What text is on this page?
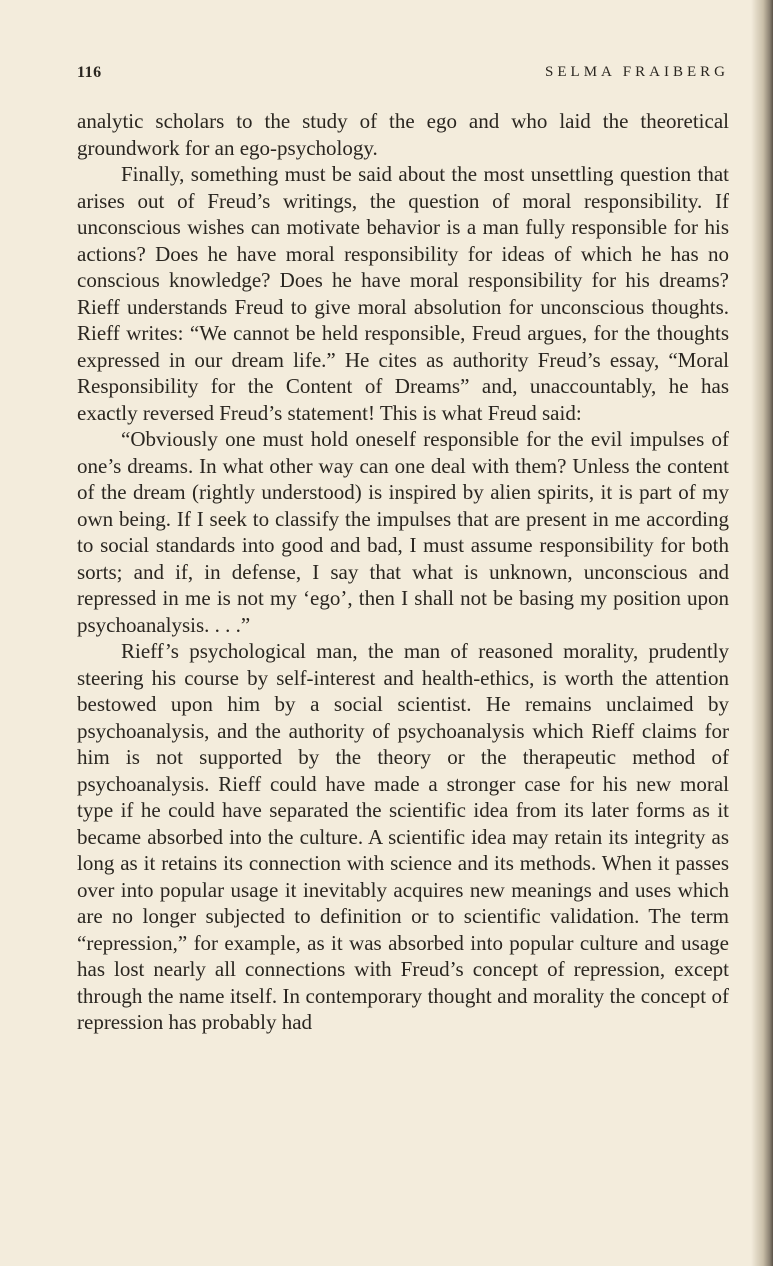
116	SELMA FRAIBERG

analytic scholars to the study of the ego and who laid the theoretical groundwork for an ego-psychology.

Finally, something must be said about the most unsettling question that arises out of Freud’s writings, the question of moral responsibility. If unconscious wishes can motivate behavior is a man fully responsible for his actions? Does he have moral responsibility for ideas of which he has no conscious knowledge? Does he have moral responsibility for his dreams? Rieff understands Freud to give moral absolution for unconscious thoughts. Rieff writes: “We cannot be held responsible, Freud argues, for the thoughts expressed in our dream life.” He cites as authority Freud’s essay, “Moral Responsibility for the Content of Dreams” and, unaccountably, he has exactly reversed Freud’s statement! This is what Freud said:

“Obviously one must hold oneself responsible for the evil impulses of one’s dreams. In what other way can one deal with them? Unless the content of the dream (rightly understood) is inspired by alien spirits, it is part of my own being. If I seek to classify the impulses that are present in me according to social standards into good and bad, I must assume responsibility for both sorts; and if, in defense, I say that what is unknown, unconscious and repressed in me is not my ‘ego’, then I shall not be basing my position upon psychoanalysis. . . .”

Rieff’s psychological man, the man of reasoned morality, prudently steering his course by self-interest and health-ethics, is worth the attention bestowed upon him by a social scientist. He remains unclaimed by psychoanalysis, and the authority of psychoanalysis which Rieff claims for him is not supported by the theory or the therapeutic method of psychoanalysis. Rieff could have made a stronger case for his new moral type if he could have separated the scientific idea from its later forms as it became absorbed into the culture. A scientific idea may retain its integrity as long as it retains its connection with science and its methods. When it passes over into popular usage it inevitably acquires new meanings and uses which are no longer subjected to definition or to scientific validation. The term “repression,” for example, as it was absorbed into popular culture and usage has lost nearly all connections with Freud’s concept of repression, except through the name itself. In contemporary thought and morality the concept of repression has probably had
